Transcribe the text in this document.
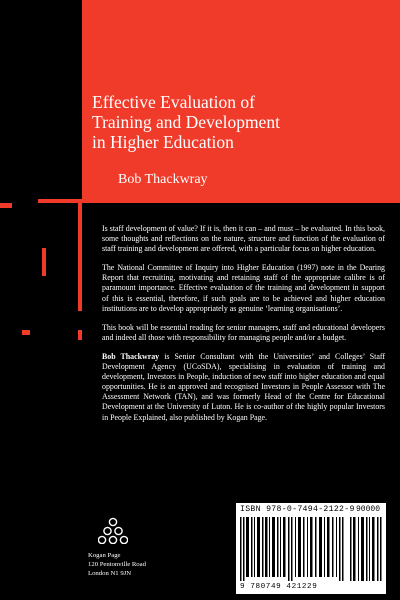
Effective Evaluation of
Training and Development
in Higher Education
Bob Thackwray

Is staff development of value? If it is, then it can – and must – be evaluated. In this book, some thoughts and reflections on the nature, structure and function of the evaluation of staff training and development are offered, with a particular focus on higher education.

The National Committee of Inquiry into Higher Education (1997) note in the Dearing Report that recruiting, motivating and retaining staff of the appropriate calibre is of paramount importance. Effective evaluation of the training and development in support of this is essential, therefore, if such goals are to be achieved and higher education institutions are to develop appropriately as genuine ‘learning organisations’.

This book will be essential reading for senior managers, staff and educational developers and indeed all those with responsibility for managing people and/or a budget.

Bob Thackwray is Senior Consultant with the Universities’ and Colleges’ Staff Development Agency (UCoSDA), specialising in evaluation of training and development, Investors in People, induction of new staff into higher education and equal opportunities. He is an approved and recognised Investors in People Assessor with The Assessment Network (TAN), and was formerly Head of the Centre for Educational Development at the University of Luton. He is co-author of the highly popular Investors in People Explained, also published by Kogan Page.

Kogan Page
120 Pentonville Road
London N1 9JN
ISBN 978-0-7494-2122-9 90000
9 780749 421229
